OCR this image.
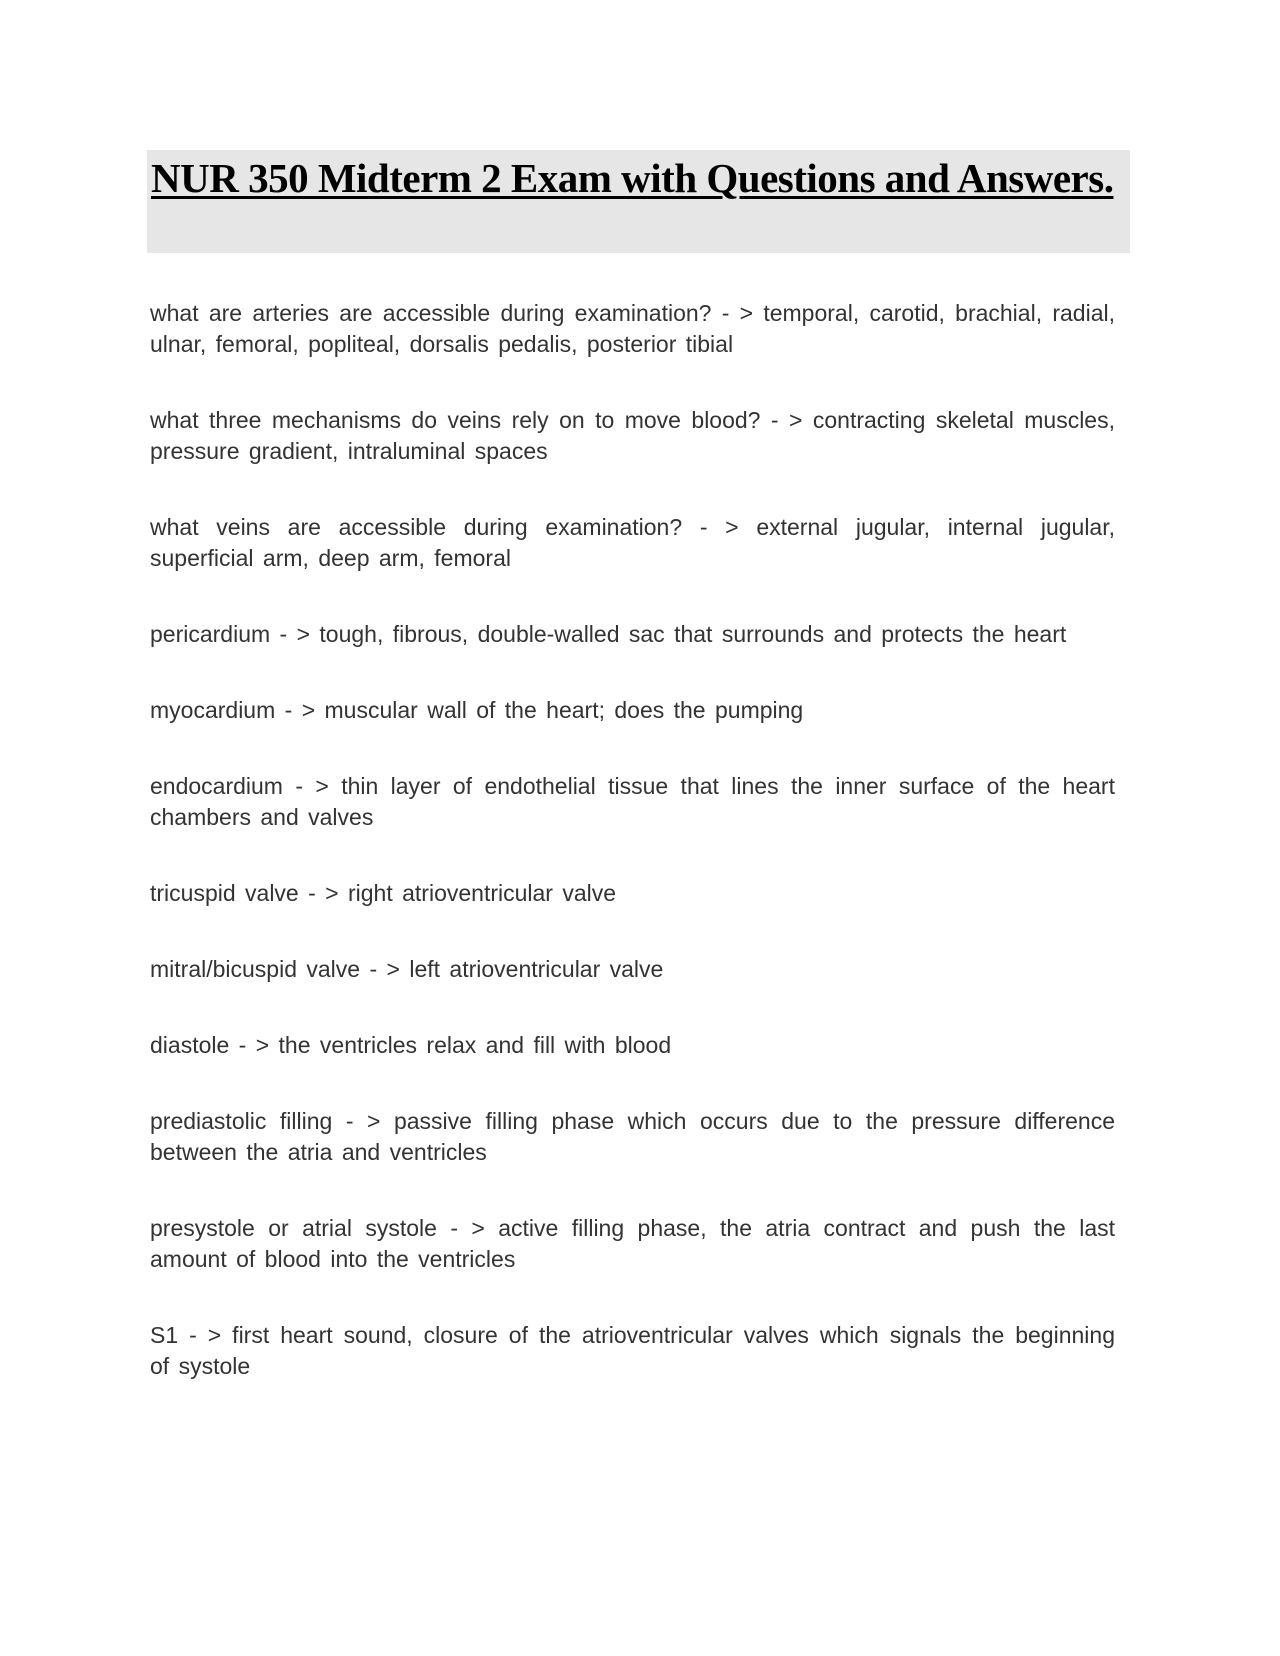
NUR 350 Midterm 2 Exam with Questions and Answers.

what are arteries are accessible during examination? - > temporal, carotid, brachial, radial, ulnar, femoral, popliteal, dorsalis pedalis, posterior tibial

what three mechanisms do veins rely on to move blood? - > contracting skeletal muscles, pressure gradient, intraluminal spaces

what veins are accessible during examination? - > external jugular, internal jugular, superficial arm, deep arm, femoral

pericardium - > tough, fibrous, double-walled sac that surrounds and protects the heart

myocardium - > muscular wall of the heart; does the pumping

endocardium - > thin layer of endothelial tissue that lines the inner surface of the heart chambers and valves

tricuspid valve - > right atrioventricular valve

mitral/bicuspid valve - > left atrioventricular valve

diastole - > the ventricles relax and fill with blood

prediastolic filling - > passive filling phase which occurs due to the pressure difference between the atria and ventricles

presystole or atrial systole - > active filling phase, the atria contract and push the last amount of blood into the ventricles

S1 - > first heart sound, closure of the atrioventricular valves which signals the beginning of systole
